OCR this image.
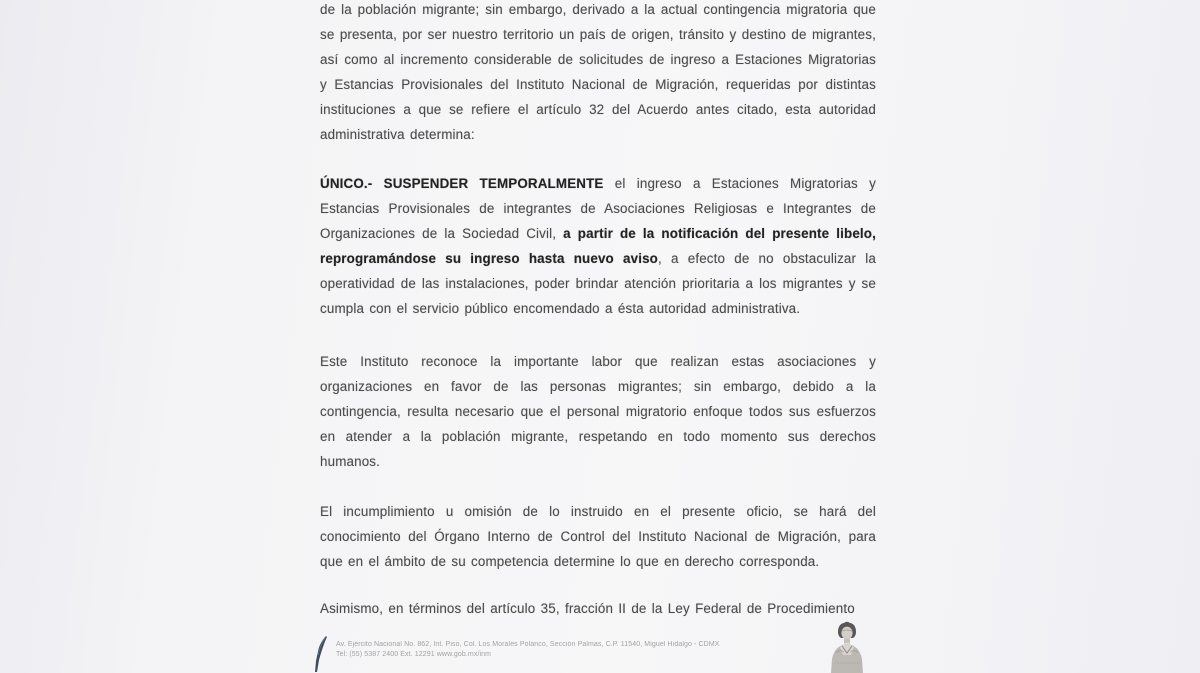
de la población migrante; sin embargo, derivado a la actual contingencia migratoria que se presenta, por ser nuestro territorio un país de origen, tránsito y destino de migrantes, así como al incremento considerable de solicitudes de ingreso a Estaciones Migratorias y Estancias Provisionales del Instituto Nacional de Migración, requeridas por distintas instituciones a que se refiere el artículo 32 del Acuerdo antes citado, esta autoridad administrativa determina:

ÚNICO.- SUSPENDER TEMPORALMENTE el ingreso a Estaciones Migratorias y Estancias Provisionales de integrantes de Asociaciones Religiosas e Integrantes de Organizaciones de la Sociedad Civil, a partir de la notificación del presente libelo, reprogramándose su ingreso hasta nuevo aviso, a efecto de no obstaculizar la operatividad de las instalaciones, poder brindar atención prioritaria a los migrantes y se cumpla con el servicio público encomendado a ésta autoridad administrativa.

Este Instituto reconoce la importante labor que realizan estas asociaciones y organizaciones en favor de las personas migrantes; sin embargo, debido a la contingencia, resulta necesario que el personal migratorio enfoque todos sus esfuerzos en atender a la población migrante, respetando en todo momento sus derechos humanos.

El incumplimiento u omisión de lo instruido en el presente oficio, se hará del conocimiento del Órgano Interno de Control del Instituto Nacional de Migración, para que en el ámbito de su competencia determine lo que en derecho corresponda.

Asimismo, en términos del artículo 35, fracción II de la Ley Federal de Procedimiento

Av. Ejército Nacional No. 862, Int. Piso, Col. Los Morales Polanco, Sección Palmas, C.P. 11540, Miguel Hidalgo - CDMX
Tel: (55) 5387 2400 Ext. 12291 www.gob.mx/inm
